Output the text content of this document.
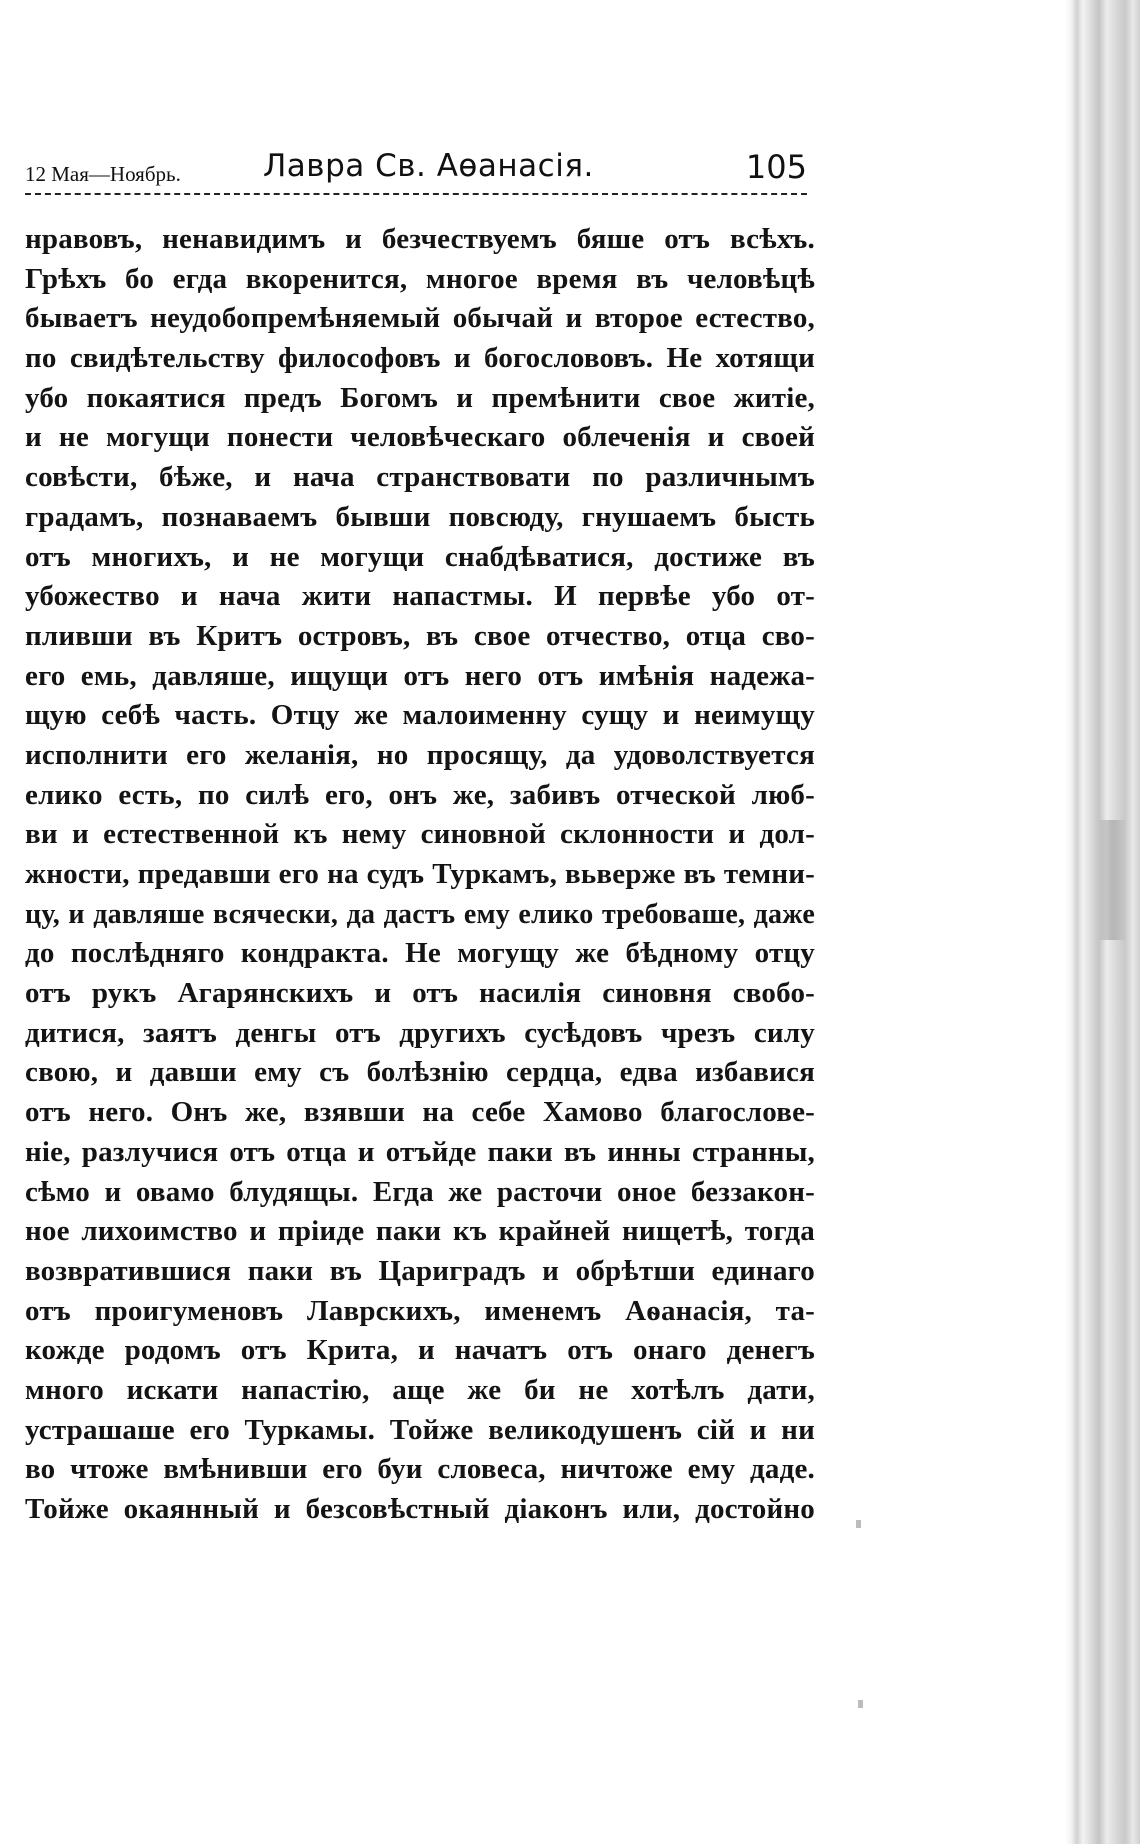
12 Мая—Ноябрь.	Лавра Св. Аѳанасія.	105
нравовъ, ненавидимъ и безчествуемъ бяше отъ всѣхъ.
Грѣхъ бо егда вкоренится, многое время въ человѣцѣ
бываетъ неудобопремѣняемый обычай и второе естество,
по свидѣтельству философовъ и богослововъ. Не хотящи
убо покаятися предъ Богомъ и премѣнити свое житіе,
и не могущи понести человѣческаго облеченія и своей
совѣсти, бѣже, и нача странствовати по различнымъ
градамъ, познаваемъ бывши повсюду, гнушаемъ бысть
отъ многихъ, и не могущи снабдѣватися, достиже въ
убожество и нача жити напастмы. И первѣе убо от-
пливши въ Критъ островъ, въ свое отчество, отца сво-
его емь, давляше, ищущи отъ него отъ имѣнія надежа-
щую себѣ часть. Отцу же малоименну сущу и неимущу
исполнити его желанія, но просящу, да удоволствуется
елико есть, по силѣ его, онъ же, забивъ отческой люб-
ви и естественной къ нему синовной склонности и дол-
жности, предавши его на судъ Туркамъ, вьверже въ темни-
цу, и давляше всячески, да дастъ ему елико требоваше, даже
до послѣдняго кондракта. Не могущу же бѣдному отцу
отъ рукъ Агарянскихъ и отъ насилія синовня свобо-
дитися, заятъ денгы отъ другихъ сусѣдовъ чрезъ силу
свою, и давши ему съ болѣзнію сердца, едва избавися
отъ него. Онъ же, взявши на себе Хамово благослове-
ніе, разлучися отъ отца и отъйде паки въ инны странны,
сѣмо и овамо блудящы. Егда же расточи оное беззакон-
ное лихоимство и пріиде паки къ крайней нищетѣ, тогда
возвратившися паки въ Цариградъ и обрѣтши единаго
отъ проигуменовъ Лаврскихъ, именемъ Аѳанасія, та-
кожде родомъ отъ Крита, и начатъ отъ онаго денегъ
много искати напастію, аще же би не хотѣлъ дати,
устрашаше его Туркамы. Тойже великодушенъ сій и ни
во чтоже вмѣнивши его буи словеса, ничтоже ему даде.
Тойже окаянный и безсовѣстный діаконъ или, достойно
